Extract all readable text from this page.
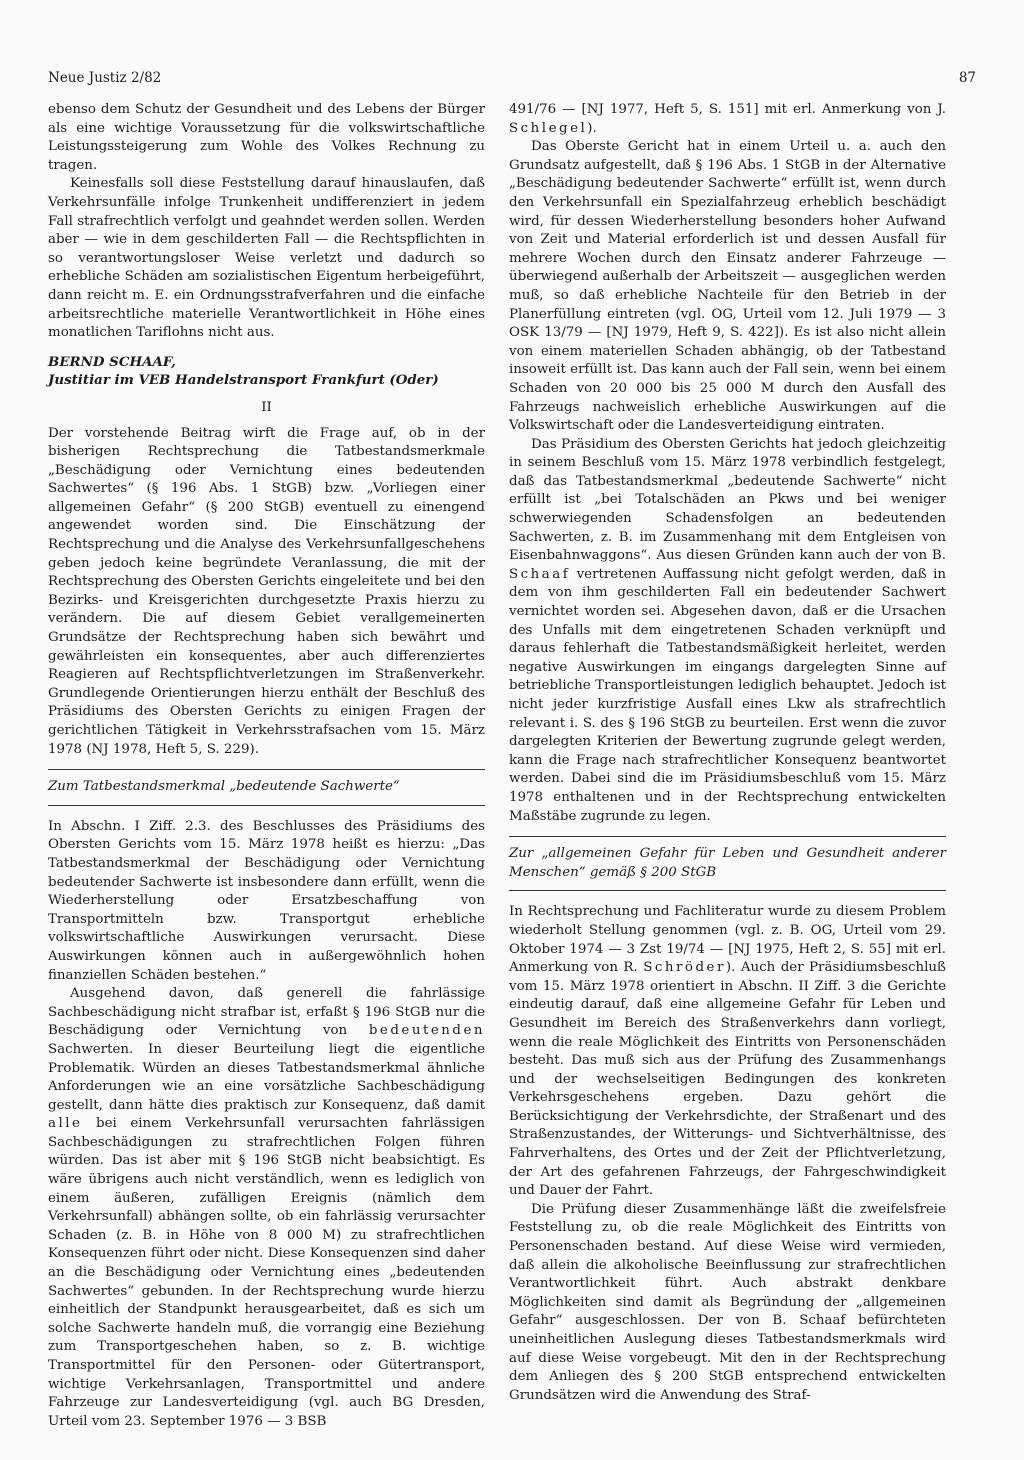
Neue Justiz 2/82	87

ebenso dem Schutz der Gesundheit und des Lebens der Bürger als eine wichtige Voraussetzung für die volkswirtschaftliche Leistungssteigerung zum Wohle des Volkes Rechnung zu tragen.

Keinesfalls soll diese Feststellung darauf hinauslaufen, daß Verkehrsunfälle infolge Trunkenheit undifferenziert in jedem Fall strafrechtlich verfolgt und geahndet werden sollen. Werden aber — wie in dem geschilderten Fall — die Rechtspflichten in so verantwortungsloser Weise verletzt und dadurch so erhebliche Schäden am sozialistischen Eigentum herbeigeführt, dann reicht m. E. ein Ordnungsstrafverfahren und die einfache arbeitsrechtliche materielle Verantwortlichkeit in Höhe eines monatlichen Tariflohns nicht aus.

BERND SCHAAF,
Justitiar im VEB Handelstransport Frankfurt (Oder)
II

Der vorstehende Beitrag wirft die Frage auf, ob in der bisherigen Rechtsprechung die Tatbestandsmerkmale „Beschädigung oder Vernichtung eines bedeutenden Sachwertes“ (§ 196 Abs. 1 StGB) bzw. „Vorliegen einer allgemeinen Gefahr“ (§ 200 StGB) eventuell zu einengend angewendet worden sind. Die Einschätzung der Rechtsprechung und die Analyse des Verkehrsunfallgeschehens geben jedoch keine begründete Veranlassung, die mit der Rechtsprechung des Obersten Gerichts eingeleitete und bei den Bezirks- und Kreisgerichten durchgesetzte Praxis hierzu zu verändern. Die auf diesem Gebiet verallgemeinerten Grundsätze der Rechtsprechung haben sich bewährt und gewährleisten ein konsequentes, aber auch differenziertes Reagieren auf Rechtspflichtverletzungen im Straßenverkehr. Grundlegende Orientierungen hierzu enthält der Beschluß des Präsidiums des Obersten Gerichts zu einigen Fragen der gerichtlichen Tätigkeit in Verkehrsstrafsachen vom 15. März 1978 (NJ 1978, Heft 5, S. 229).

Zum Tatbestandsmerkmal „bedeutende Sachwerte“

In Abschn. I Ziff. 2.3. des Beschlusses des Präsidiums des Obersten Gerichts vom 15. März 1978 heißt es hierzu: „Das Tatbestandsmerkmal der Beschädigung oder Vernichtung bedeutender Sachwerte ist insbesondere dann erfüllt, wenn die Wiederherstellung oder Ersatzbeschaffung von Transportmitteln bzw. Transportgut erhebliche volkswirtschaftliche Auswirkungen verursacht. Diese Auswirkungen können auch in außergewöhnlich hohen finanziellen Schäden bestehen.“

Ausgehend davon, daß generell die fahrlässige Sachbeschädigung nicht strafbar ist, erfaßt § 196 StGB nur die Beschädigung oder Vernichtung von bedeutenden Sachwerten. In dieser Beurteilung liegt die eigentliche Problematik. Würden an dieses Tatbestandsmerkmal ähnliche Anforderungen wie an eine vorsätzliche Sachbeschädigung gestellt, dann hätte dies praktisch zur Konsequenz, daß damit alle bei einem Verkehrsunfall verursachten fahrlässigen Sachbeschädigungen zu strafrechtlichen Folgen führen würden. Das ist aber mit § 196 StGB nicht beabsichtigt. Es wäre übrigens auch nicht verständlich, wenn es lediglich von einem äußeren, zufälligen Ereignis (nämlich dem Verkehrsunfall) abhängen sollte, ob ein fahrlässig verursachter Schaden (z. B. in Höhe von 8 000 M) zu strafrechtlichen Konsequenzen führt oder nicht. Diese Konsequenzen sind daher an die Beschädigung oder Vernichtung eines „bedeutenden Sachwertes“ gebunden. In der Rechtsprechung wurde hierzu einheitlich der Standpunkt herausgearbeitet, daß es sich um solche Sachwerte handeln muß, die vorrangig eine Beziehung zum Transportgeschehen haben, so z. B. wichtige Transportmittel für den Personen- oder Gütertransport, wichtige Verkehrsanlagen, Transportmittel und andere Fahrzeuge zur Landesverteidigung (vgl. auch BG Dresden, Urteil vom 23. September 1976 — 3 BSB

491/76 — [NJ 1977, Heft 5, S. 151] mit erl. Anmerkung von J. Schlegel).

Das Oberste Gericht hat in einem Urteil u. a. auch den Grundsatz aufgestellt, daß § 196 Abs. 1 StGB in der Alternative „Beschädigung bedeutender Sachwerte“ erfüllt ist, wenn durch den Verkehrsunfall ein Spezialfahrzeug erheblich beschädigt wird, für dessen Wiederherstellung besonders hoher Aufwand von Zeit und Material erforderlich ist und dessen Ausfall für mehrere Wochen durch den Einsatz anderer Fahrzeuge — überwiegend außerhalb der Arbeitszeit — ausgeglichen werden muß, so daß erhebliche Nachteile für den Betrieb in der Planerfüllung eintreten (vgl. OG, Urteil vom 12. Juli 1979 — 3 OSK 13/79 — [NJ 1979, Heft 9, S. 422]). Es ist also nicht allein von einem materiellen Schaden abhängig, ob der Tatbestand insoweit erfüllt ist. Das kann auch der Fall sein, wenn bei einem Schaden von 20 000 bis 25 000 M durch den Ausfall des Fahrzeugs nachweislich erhebliche Auswirkungen auf die Volkswirtschaft oder die Landesverteidigung eintraten.

Das Präsidium des Obersten Gerichts hat jedoch gleichzeitig in seinem Beschluß vom 15. März 1978 verbindlich festgelegt, daß das Tatbestandsmerkmal „bedeutende Sachwerte“ nicht erfüllt ist „bei Totalschäden an Pkws und bei weniger schwerwiegenden Schadensfolgen an bedeutenden Sachwerten, z. B. im Zusammenhang mit dem Entgleisen von Eisenbahnwaggons“. Aus diesen Gründen kann auch der von B. Schaaf vertretenen Auffassung nicht gefolgt werden, daß in dem von ihm geschilderten Fall ein bedeutender Sachwert vernichtet worden sei. Abgesehen davon, daß er die Ursachen des Unfalls mit dem eingetretenen Schaden verknüpft und daraus fehlerhaft die Tatbestandsmäßigkeit herleitet, werden negative Auswirkungen im eingangs dargelegten Sinne auf betriebliche Transportleistungen lediglich behauptet. Jedoch ist nicht jeder kurzfristige Ausfall eines Lkw als strafrechtlich relevant i. S. des § 196 StGB zu beurteilen. Erst wenn die zuvor dargelegten Kriterien der Bewertung zugrunde gelegt werden, kann die Frage nach strafrechtlicher Konsequenz beantwortet werden. Dabei sind die im Präsidiumsbeschluß vom 15. März 1978 enthaltenen und in der Rechtsprechung entwickelten Maßstäbe zugrunde zu legen.

Zur „allgemeinen Gefahr für Leben und Gesundheit anderer Menschen“ gemäß § 200 StGB

In Rechtsprechung und Fachliteratur wurde zu diesem Problem wiederholt Stellung genommen (vgl. z. B. OG, Urteil vom 29. Oktober 1974 — 3 Zst 19/74 — [NJ 1975, Heft 2, S. 55] mit erl. Anmerkung von R. Schröder). Auch der Präsidiumsbeschluß vom 15. März 1978 orientiert in Abschn. II Ziff. 3 die Gerichte eindeutig darauf, daß eine allgemeine Gefahr für Leben und Gesundheit im Bereich des Straßenverkehrs dann vorliegt, wenn die reale Möglichkeit des Eintritts von Personenschäden besteht. Das muß sich aus der Prüfung des Zusammenhangs und der wechselseitigen Bedingungen des konkreten Verkehrsgeschehens ergeben. Dazu gehört die Berücksichtigung der Verkehrsdichte, der Straßenart und des Straßenzustandes, der Witterungs- und Sichtverhältnisse, des Fahrverhaltens, des Ortes und der Zeit der Pflichtverletzung, der Art des gefahrenen Fahrzeugs, der Fahrgeschwindigkeit und Dauer der Fahrt.

Die Prüfung dieser Zusammenhänge läßt die zweifelsfreie Feststellung zu, ob die reale Möglichkeit des Eintritts von Personenschaden bestand. Auf diese Weise wird vermieden, daß allein die alkoholische Beeinflussung zur strafrechtlichen Verantwortlichkeit führt. Auch abstrakt denkbare Möglichkeiten sind damit als Begründung der „allgemeinen Gefahr“ ausgeschlossen. Der von B. Schaaf befürchteten uneinheitlichen Auslegung dieses Tatbestandsmerkmals wird auf diese Weise vorgebeugt. Mit den in der Rechtsprechung dem Anliegen des § 200 StGB entsprechend entwickelten Grundsätzen wird die Anwendung des Straf-
